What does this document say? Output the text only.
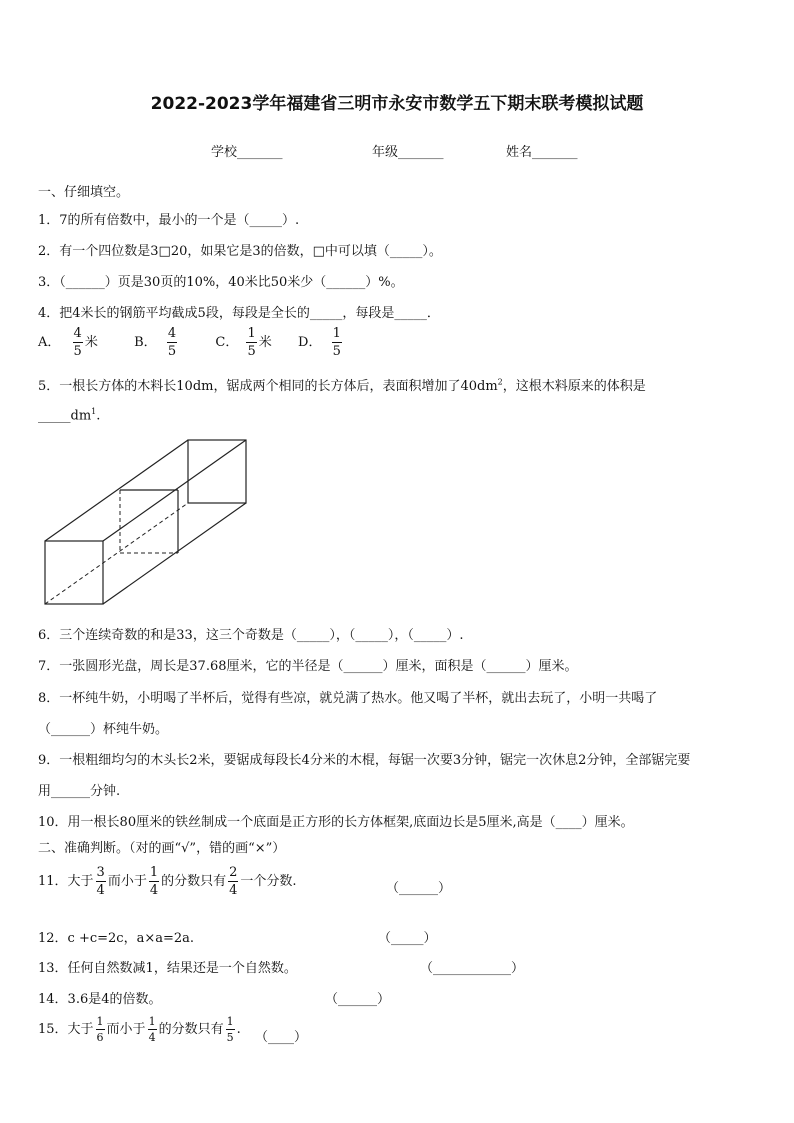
2022-2023学年福建省三明市永安市数学五下期末联考模拟试题
学校_______	年级_______	姓名_______
一、仔细填空。
1．7的所有倍数中，最小的一个是（_____）.
2．有一个四位数是3□20，如果它是3的倍数，□中可以填（_____）。
3．（______）页是30页的10%，40米比50米少（______）%。
4．把4米长的钢筋平均截成5段，每段是全长的_____，每段是_____．
A． $\frac{4}{5}$ 米	B． $\frac{4}{5}$	C． $\frac{1}{5}$ 米 D． $\frac{1}{5}$
5．一根长方体的木料长10dm，锯成两个相同的长方体后，表面积增加了$40dm^2$，这根木料原来的体积是
$\_\_\_\_\_dm^1$.
6．三个连续奇数的和是33，这三个奇数是（_____），（_____），（_____）.
7．一张圆形光盘，周长是37.68厘米，它的半径是（______）厘米，面积是（______）厘米。
8．一杯纯牛奶，小明喝了半杯后，觉得有些凉，就兑满了热水。他又喝了半杯，就出去玩了，小明一共喝了
（______）杯纯牛奶。
9．一根粗细均匀的木头长2米，要锯成每段长4分米的木棍，每锯一次要3分钟，锯完一次休息2分钟，全部锯完要
用______分钟.
10．用一根长80厘米的铁丝制成一个底面是正方形的长方体框架,底面边长是5厘米,高是（____）厘米。
二、准确判断。（对的画“√”，错的画“×”）
11．大于 $\frac{3}{4}$ 而小于 $\frac{1}{4}$ 的分数只有 $\frac{2}{4}$ 一个分数.	（______）
12．c +c=2c，a×a=2a.	（_____）
13．任何自然数减1，结果还是一个自然数。	（____________）
14．3.6是4的倍数。	（______）
15．大于 $\frac{1}{6}$ 而小于 $\frac{1}{4}$ 的分数只有 $\frac{1}{5}$ .
（____）
